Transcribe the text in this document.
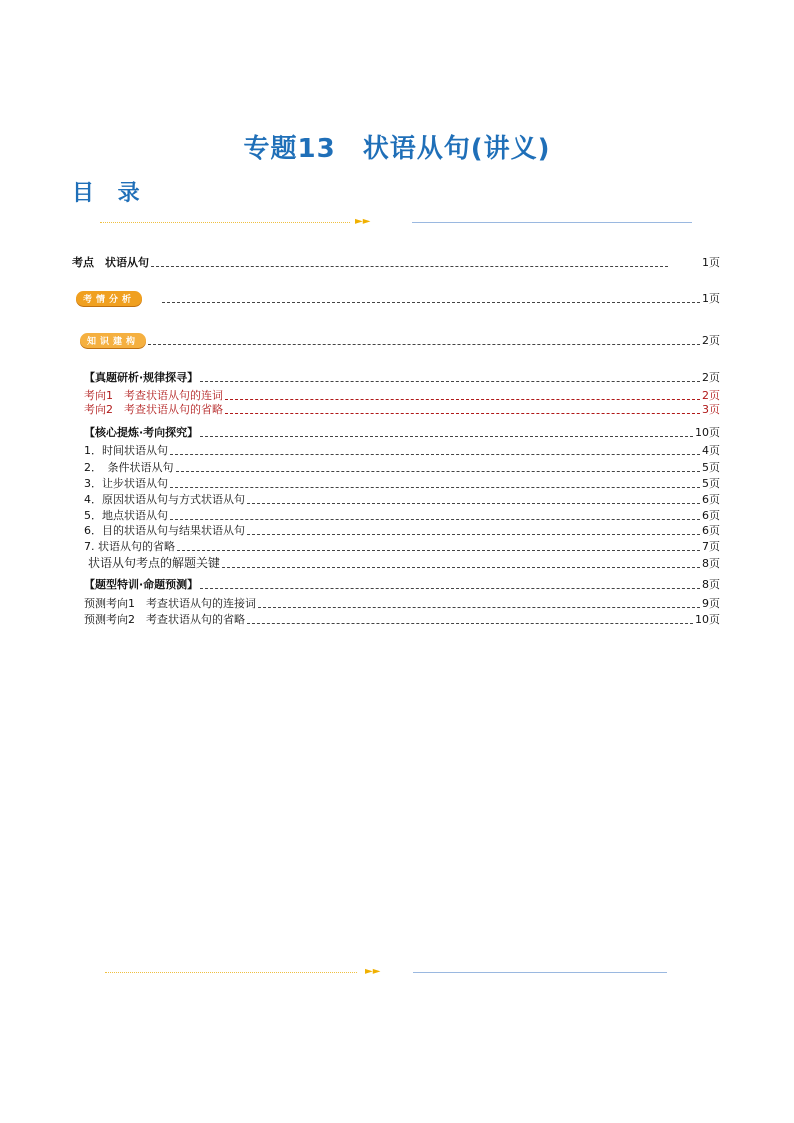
专题13　状语从句(讲义)
目 录
►►
考点　状语从句	1页
考情分析	1页
知识建构	2页
【真题研析·规律探寻】	2页
考向1　考查状语从句的连词	2页
考向2　考查状语从句的省略	3页
【核心提炼·考向探究】	10页
1．时间状语从句	4页
2．　条件状语从句	5页
3．让步状语从句	5页
4．原因状语从句与方式状语从句	6页
5．地点状语从句	6页
6．目的状语从句与结果状语从句	6页
7. 状语从句的省略	7页
状语从句考点的解题关键	8页
【题型特训·命题预测】	8页
预测考向1　考查状语从句的连接词	9页
预测考向2　考查状语从句的省略	10页
►►
